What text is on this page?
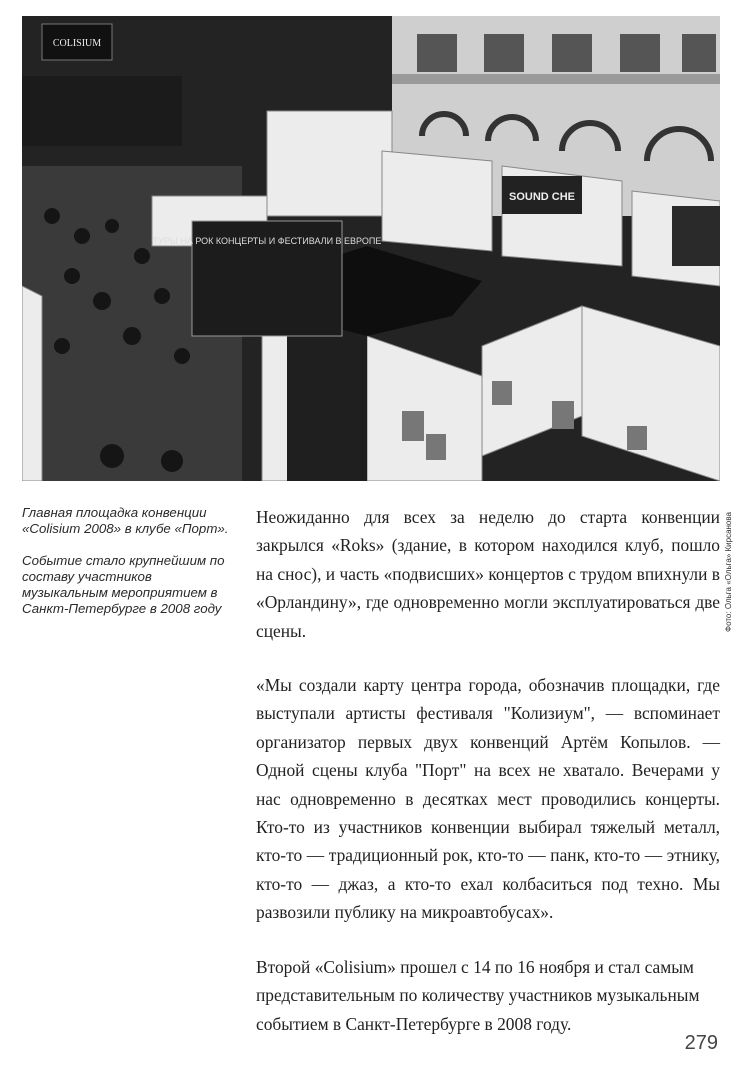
COLISIUM
ТУРЫ НА РОК КОНЦЕРТЫ И ФЕСТИВАЛИ В ЕВРОПЕ
SOUND CHE
Фото: Ольга «Ольга» Кирсанова

Главная площадка конвенции «Colisium 2008» в клубе «Порт».

Событие стало крупнейшим по составу участников музыкальным мероприятием в Санкт-Петербурге в 2008 году

Неожиданно для всех за неделю до старта конвенции закрылся «Roks» (здание, в котором находился клуб, пошло на снос), и часть «подвисших» концертов с трудом впихнули в «Орландину», где одновременно могли эксплуатироваться две сцены.

«Мы создали карту центра города, обозначив площадки, где выступали артисты фестиваля "Колизиум", — вспоминает организатор первых двух конвенций Артём Копылов. — Одной сцены клуба "Порт" на всех не хватало. Вечерами у нас одновременно в десятках мест проводились концерты. Кто-то из участников конвенции выбирал тяжелый металл, кто-то — традиционный рок, кто-то — панк, кто-то — этнику, кто-то — джаз, а кто-то ехал колбаситься под техно. Мы развозили публику на микроавтобусах».

Второй «Colisium» прошел с 14 по 16 ноября и стал самым представительным по количеству участников музыкальным событием в Санкт-Петербурге в 2008 году.

279
